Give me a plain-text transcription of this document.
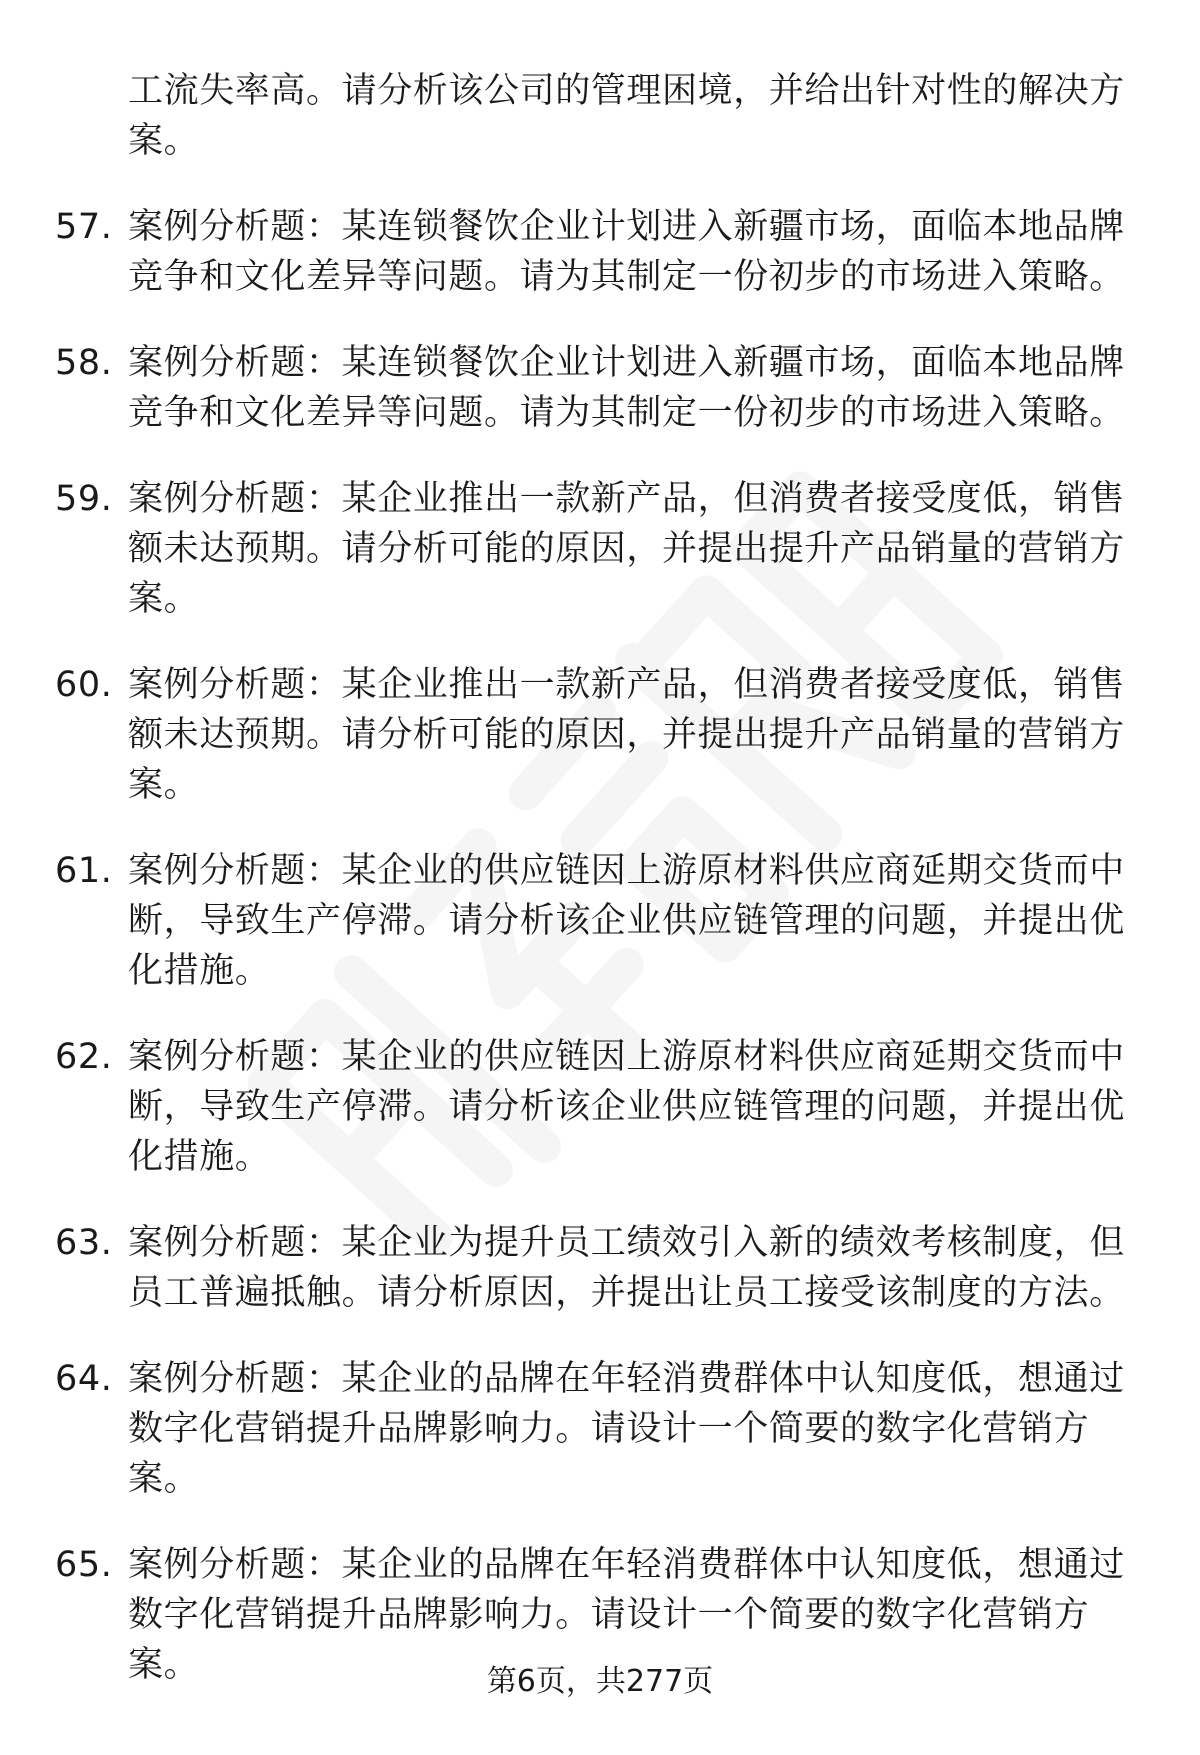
工流失率高。请分析该公司的管理困境，并给出针对性的解决方案。
57. 案例分析题：某连锁餐饮企业计划进入新疆市场，面临本地品牌竞争和文化差异等问题。请为其制定一份初步的市场进入策略。
58. 案例分析题：某连锁餐饮企业计划进入新疆市场，面临本地品牌竞争和文化差异等问题。请为其制定一份初步的市场进入策略。
59. 案例分析题：某企业推出一款新产品，但消费者接受度低，销售额未达预期。请分析可能的原因，并提出提升产品销量的营销方案。
60. 案例分析题：某企业推出一款新产品，但消费者接受度低，销售额未达预期。请分析可能的原因，并提出提升产品销量的营销方案。
61. 案例分析题：某企业的供应链因上游原材料供应商延期交货而中断，导致生产停滞。请分析该企业供应链管理的问题，并提出优化措施。
62. 案例分析题：某企业的供应链因上游原材料供应商延期交货而中断，导致生产停滞。请分析该企业供应链管理的问题，并提出优化措施。
63. 案例分析题：某企业为提升员工绩效引入新的绩效考核制度，但员工普遍抵触。请分析原因，并提出让员工接受该制度的方法。
64. 案例分析题：某企业的品牌在年轻消费群体中认知度低，想通过数字化营销提升品牌影响力。请设计一个简要的数字化营销方案。
65. 案例分析题：某企业的品牌在年轻消费群体中认知度低，想通过数字化营销提升品牌影响力。请设计一个简要的数字化营销方案。	第6页，共277页
